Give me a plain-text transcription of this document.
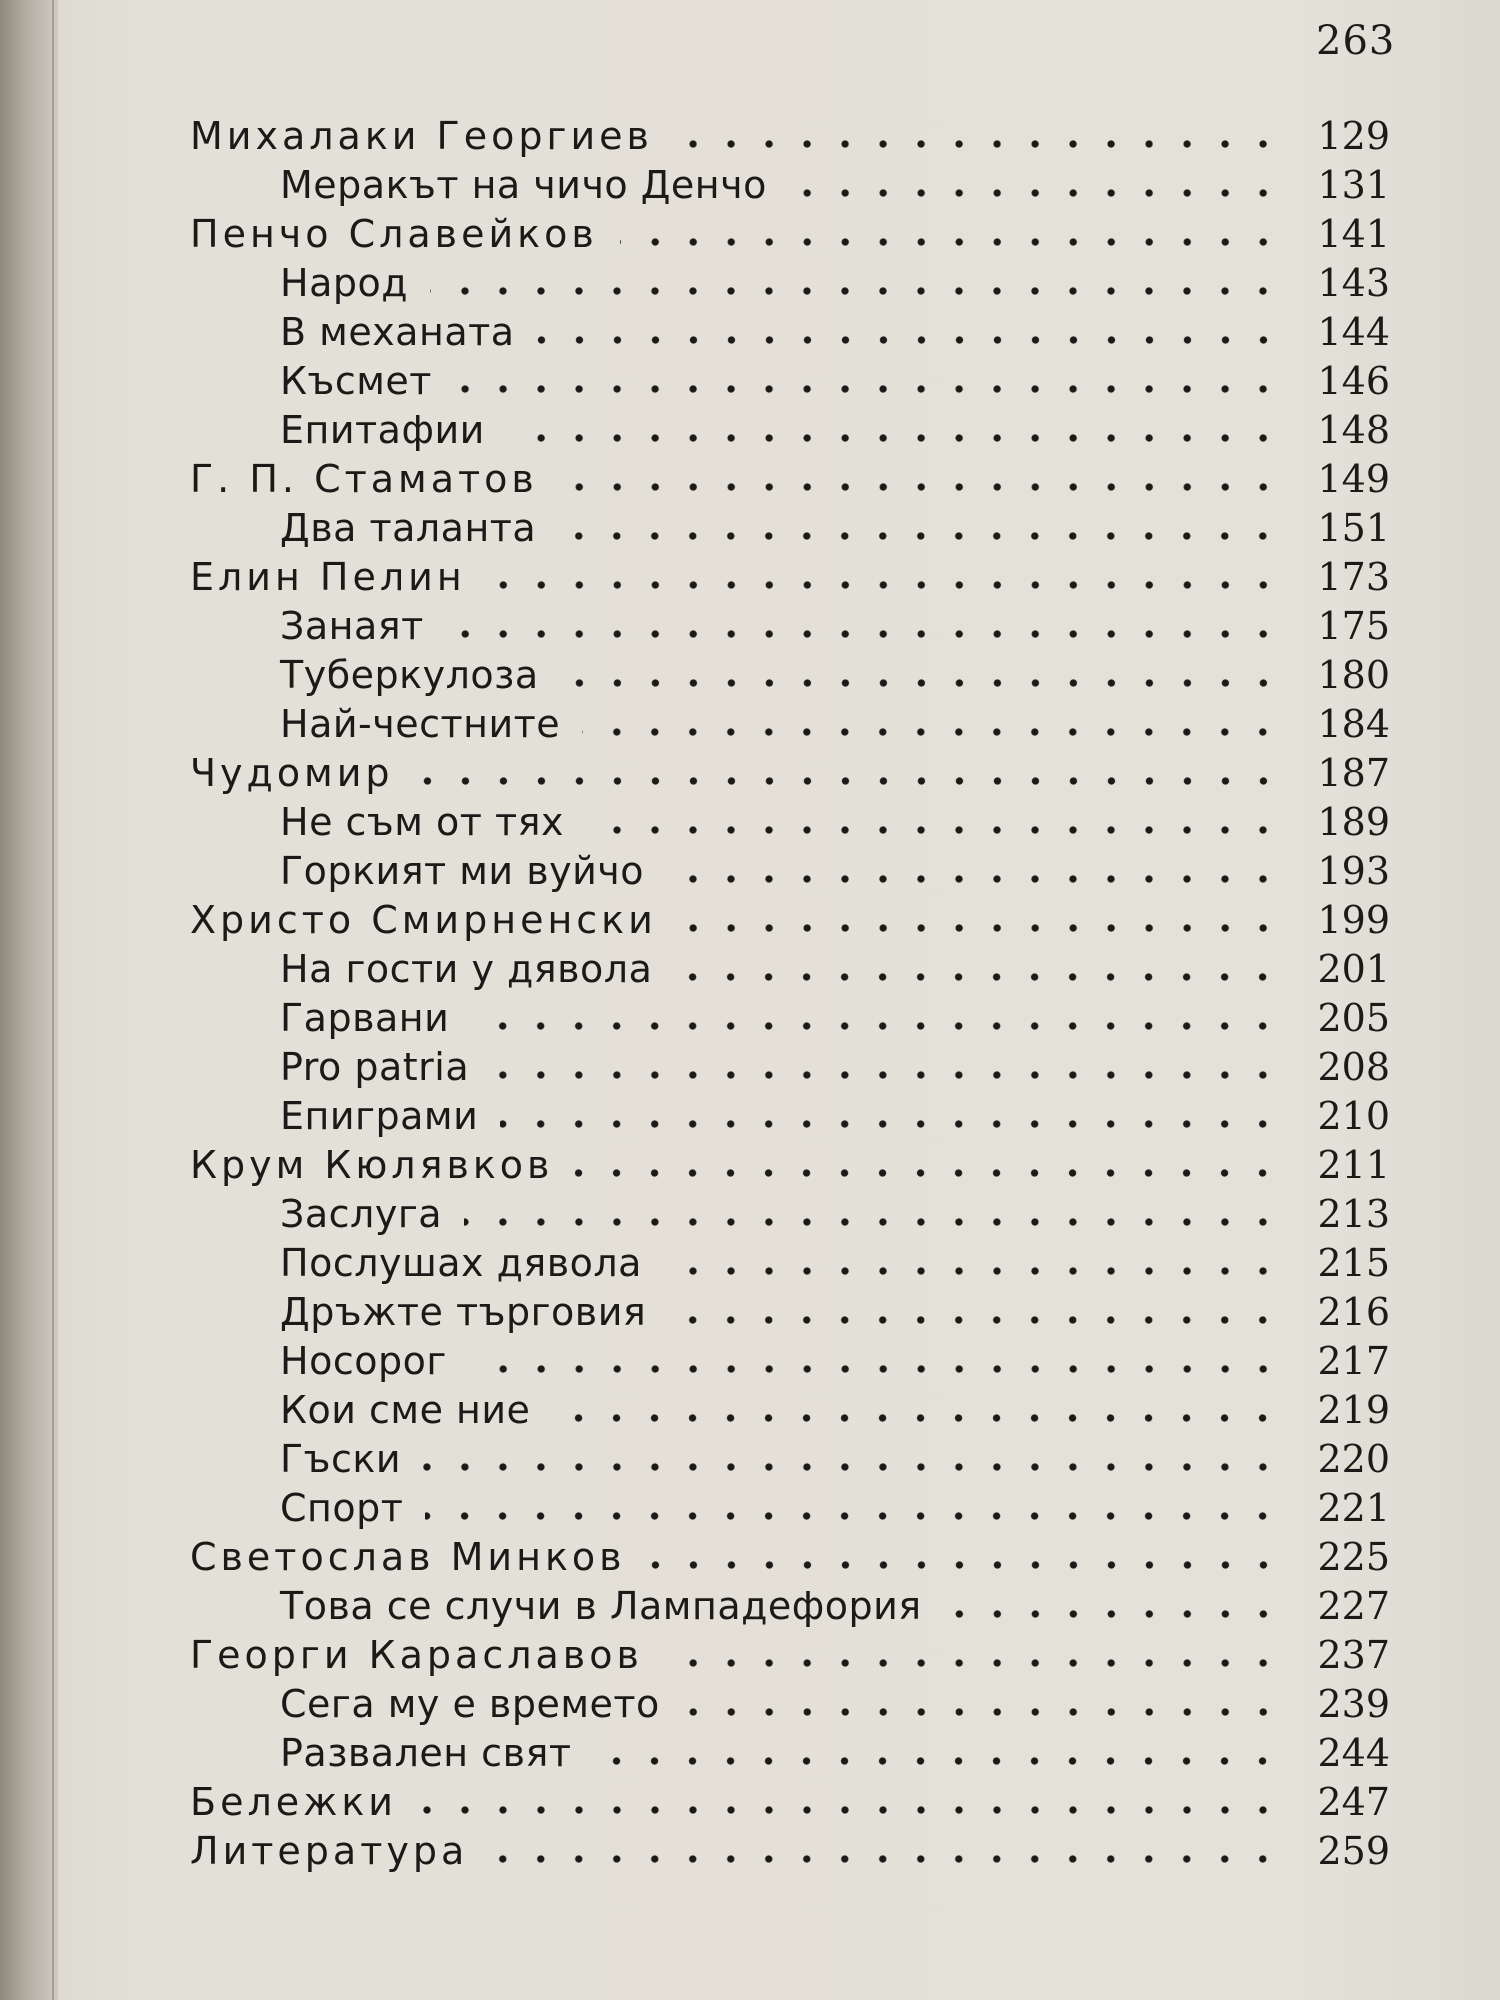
263
Михалаки Георгиев	129
Меракът на чичо Денчо	131
Пенчо Славейков	141
Народ	143
В механата	144
Късмет	146
Епитафии	148
Г. П. Стаматов	149
Два таланта	151
Елин Пелин	173
Занаят	175
Туберкулоза	180
Най-честните	184
Чудомир	187
Не съм от тях	189
Горкият ми вуйчо	193
Христо Смирненски	199
На гости у дявола	201
Гарвани	205
Pro patria	208
Епиграми	210
Крум Кюлявков	211
Заслуга	213
Послушах дявола	215
Дръжте търговия	216
Носорог	217
Кои сме ние	219
Гъски	220
Спорт	221
Светослав Минков	225
Това се случи в Лампадефория	227
Георги Караславов	237
Сега му е времето	239
Развален свят	244
Бележки	247
Литература	259
